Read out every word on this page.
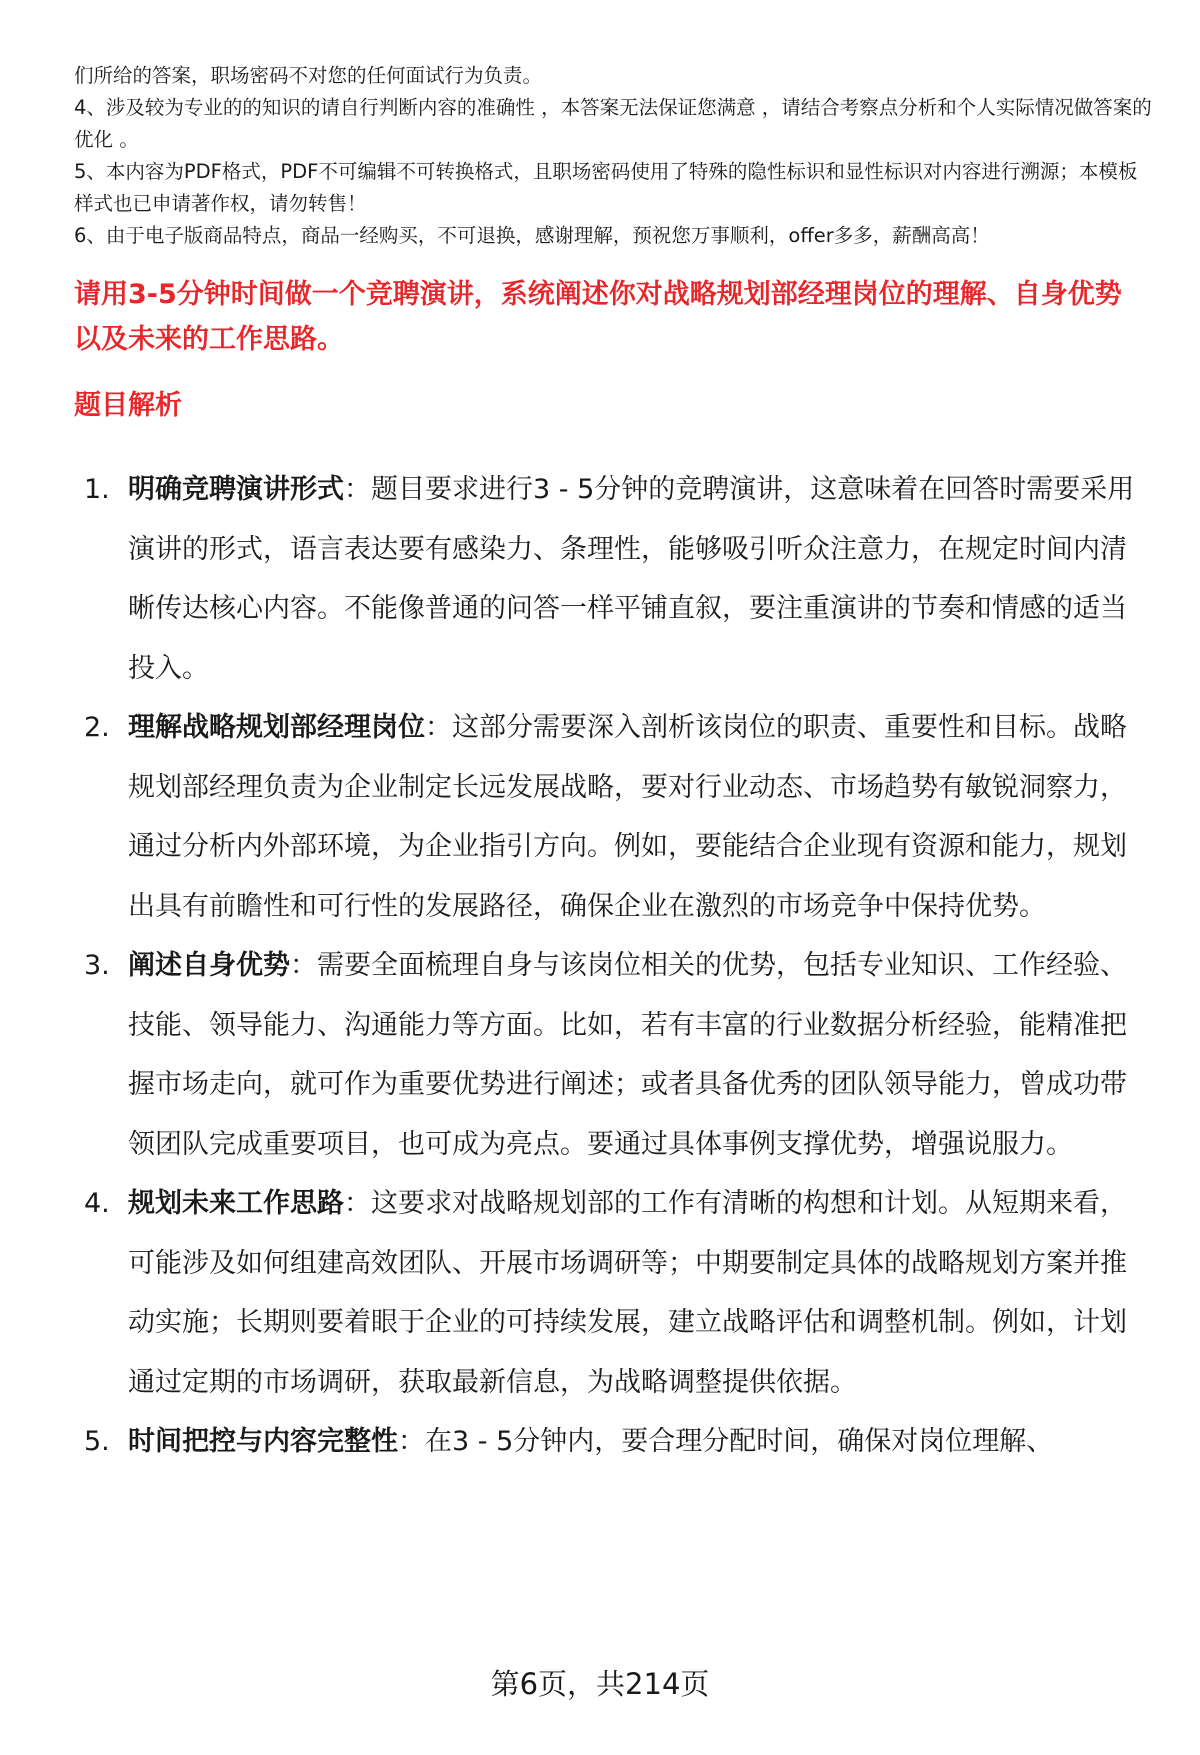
们所给的答案，职场密码不对您的任何面试行为负责。

4、涉及较为专业的的知识的请自行判断内容的准确性 ，本答案无法保证您满意 ，请结合考察点分析和个人实际情况做答案的优化 。

5、本内容为PDF格式，PDF不可编辑不可转换格式，且职场密码使用了特殊的隐性标识和显性标识对内容进行溯源；本模板样式也已申请著作权，请勿转售！

6、由于电子版商品特点，商品一经购买，不可退换，感谢理解，预祝您万事顺利，offer多多，薪酬高高！

请用3-5分钟时间做一个竞聘演讲，系统阐述你对战略规划部经理岗位的理解、自身优势以及未来的工作思路。

题目解析

1. 明确竞聘演讲形式：题目要求进行3 - 5分钟的竞聘演讲，这意味着在回答时需要采用演讲的形式，语言表达要有感染力、条理性，能够吸引听众注意力，在规定时间内清晰传达核心内容。不能像普通的问答一样平铺直叙，要注重演讲的节奏和情感的适当投入。
2. 理解战略规划部经理岗位：这部分需要深入剖析该岗位的职责、重要性和目标。战略规划部经理负责为企业制定长远发展战略，要对行业动态、市场趋势有敏锐洞察力，通过分析内外部环境，为企业指引方向。例如，要能结合企业现有资源和能力，规划出具有前瞻性和可行性的发展路径，确保企业在激烈的市场竞争中保持优势。
3. 阐述自身优势：需要全面梳理自身与该岗位相关的优势，包括专业知识、工作经验、技能、领导能力、沟通能力等方面。比如，若有丰富的行业数据分析经验，能精准把握市场走向，就可作为重要优势进行阐述；或者具备优秀的团队领导能力，曾成功带领团队完成重要项目，也可成为亮点。要通过具体事例支撑优势，增强说服力。
4. 规划未来工作思路：这要求对战略规划部的工作有清晰的构想和计划。从短期来看，可能涉及如何组建高效团队、开展市场调研等；中期要制定具体的战略规划方案并推动实施；长期则要着眼于企业的可持续发展，建立战略评估和调整机制。例如，计划通过定期的市场调研，获取最新信息，为战略调整提供依据。
5. 时间把控与内容完整性：在3 - 5分钟内，要合理分配时间，确保对岗位理解、
第6页，共214页
